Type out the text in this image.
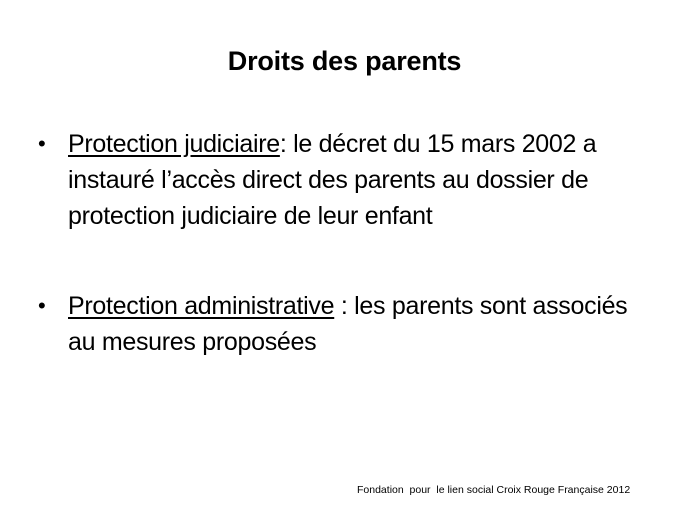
Droits des parents
• Protection judiciaire: le décret du 15 mars 2002 a instauré l’accès direct des parents au dossier de protection judiciaire de leur enfant
• Protection administrative : les parents sont associés au mesures proposées
Fondation  pour  le lien social Croix Rouge Française 2012
